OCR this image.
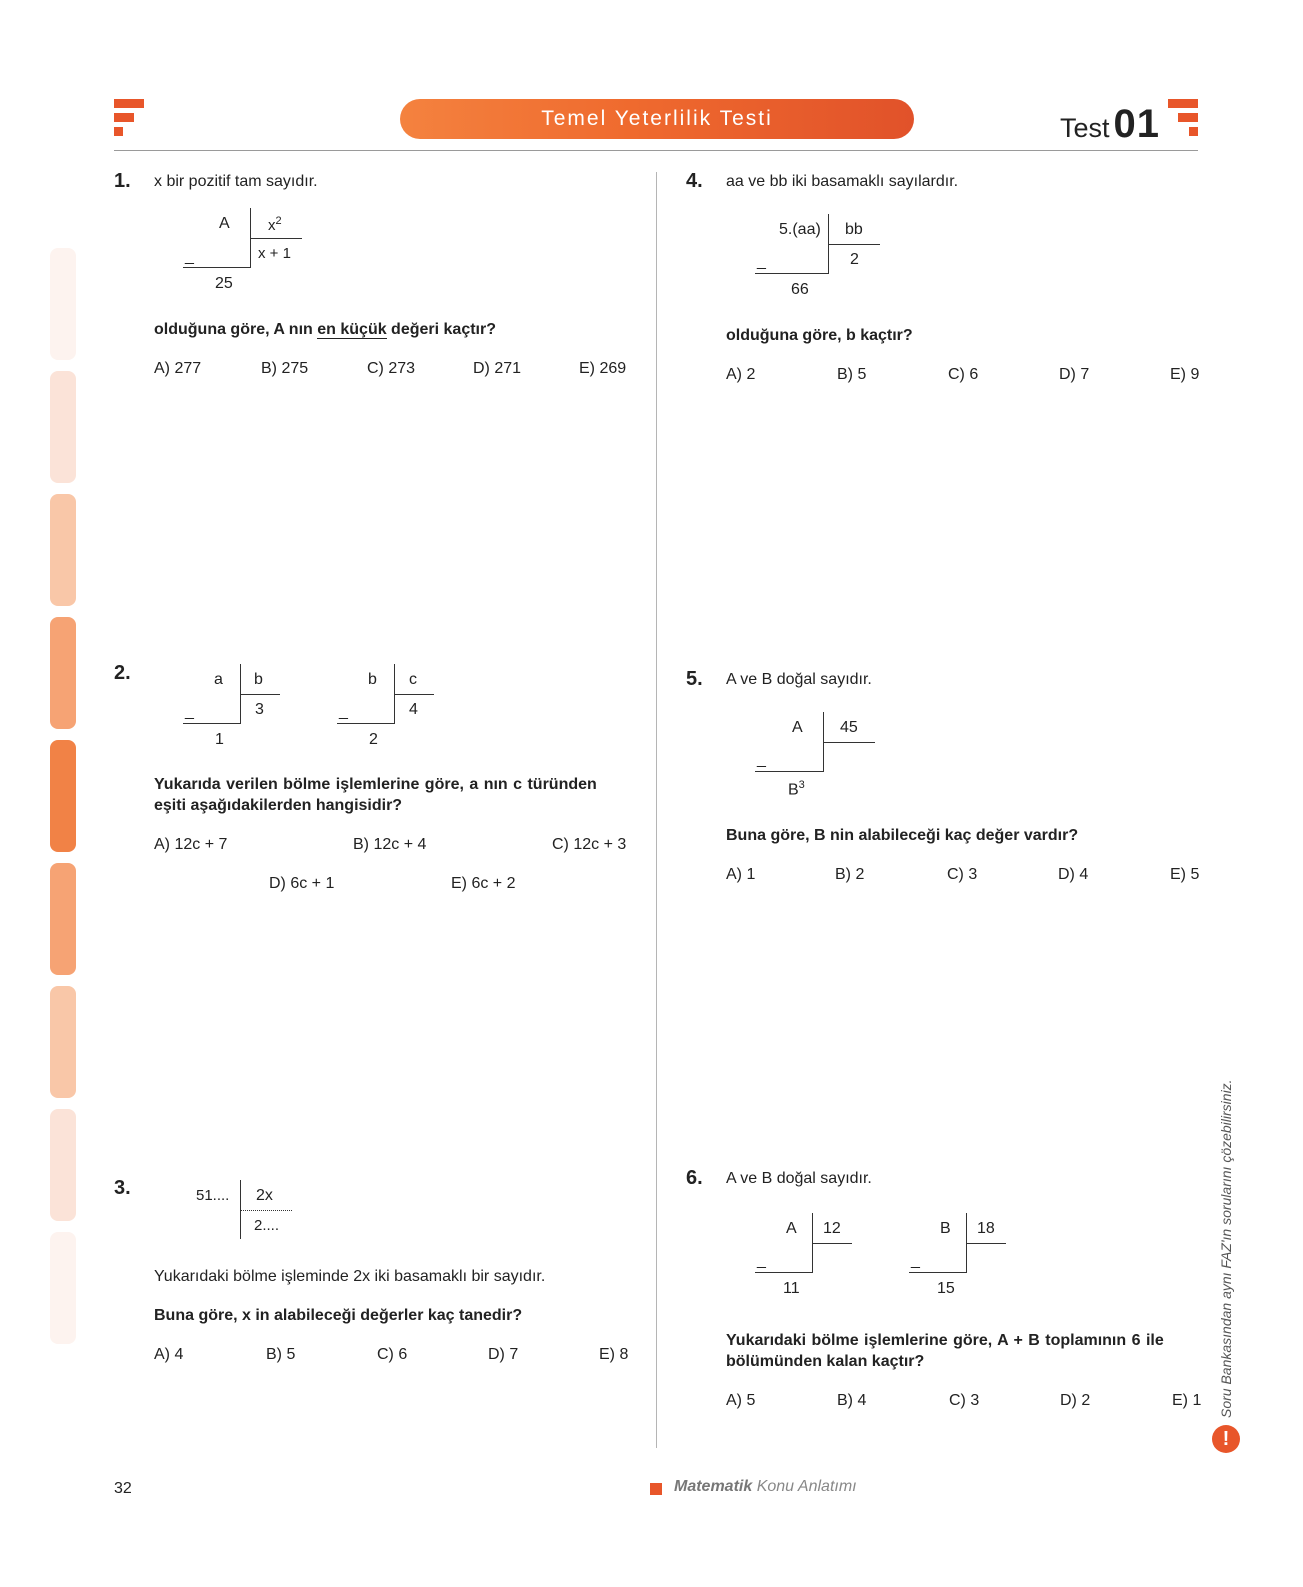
Temel Yeterlilik Testi	Test 01
1. x bir pozitif tam sayıdır.
A	$x^2$
x + 1
_
25
olduğuna göre, A nın en küçük değeri kaçtır?
A) 277	B) 275	C) 273	D) 271	E) 269
2.	a b
3
_
1
b c
4
_
2
Yukarıda verilen bölme işlemlerine göre, a nın c türünden
eşiti aşağıdakilerden hangisidir?
A) 12c + 7	B) 12c + 4	C) 12c + 3
D) 6c + 1	E) 6c + 2
3.	51.... 2x
2....
Yukarıdaki bölme işleminde 2x iki basamaklı bir sayıdır.
Buna göre, x in alabileceği değerler kaç tanedir?
A) 4	B) 5	C) 6	D) 7	E) 8
4. aa ve bb iki basamaklı sayılardır.
5.(aa) bb
2
_
66
olduğuna göre, b kaçtır?
A) 2	B) 5	C) 6	D) 7	E) 9
5. A ve B doğal sayıdır.
A 45
_
$B^3$
Buna göre, B nin alabileceği kaç değer vardır?
A) 1	B) 2	C) 3	D) 4	E) 5
6. A ve B doğal sayıdır.
A 12
_
11
B 18
_
15
Yukarıdaki bölme işlemlerine göre, A + B toplamının 6 ile
bölümünden kalan kaçtır?
A) 5	B) 4	C) 3	D) 2	E) 1 Soru Bankasından aynı FAZ'ın sorularını çözebilirsiniz.
!
32	Matematik Konu Anlatımı
